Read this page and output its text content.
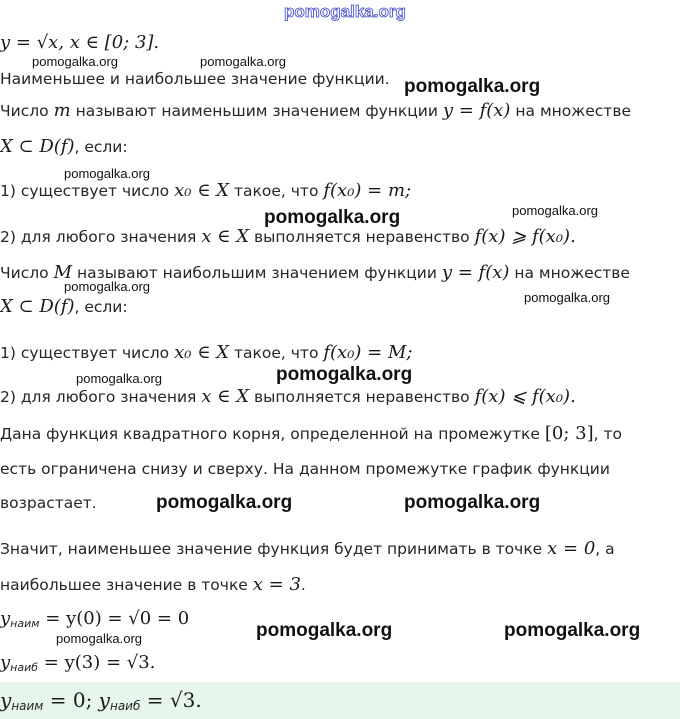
pomogalka.org
y = √x, x ∈ [0; 3].
Наименьшее и наибольшее значение функции.
Число m называют наименьшим значением функции y = f(x) на множестве
X ⊂ D(f), если:
1) существует число x₀ ∈ X такое, что f(x₀) = m;
2) для любого значения x ∈ X выполняется неравенство f(x) ⩾ f(x₀).
Число M называют наибольшим значением функции y = f(x) на множестве
X ⊂ D(f), если:
1) существует число x₀ ∈ X такое, что f(x₀) = M;
2) для любого значения x ∈ X выполняется неравенство f(x) ⩽ f(x₀).
Дана функция квадратного корня, определенной на промежутке [0; 3], то
есть ограничена снизу и сверху. На данном промежутке график функции
возрастает.
Значит, наименьшее значение функция будет принимать в точке x = 0, а
наибольшее значение в точке x = 3.
$y_{наим} = y(0) = √0 = 0$
$y_{наиб} = y(3) = √3$.
$y_{наим} = 0$; $y_{наиб} = √3$.
pomogalka.org	pomogalka.org
pomogalka.org
pomogalka.org
pomogalka.org
pomogalka.org
pomogalka.org
pomogalka.org
pomogalka.org	pomogalka.org
pomogalka.org	pomogalka.org
pomogalka.org	pomogalka.org
pomogalka.org
